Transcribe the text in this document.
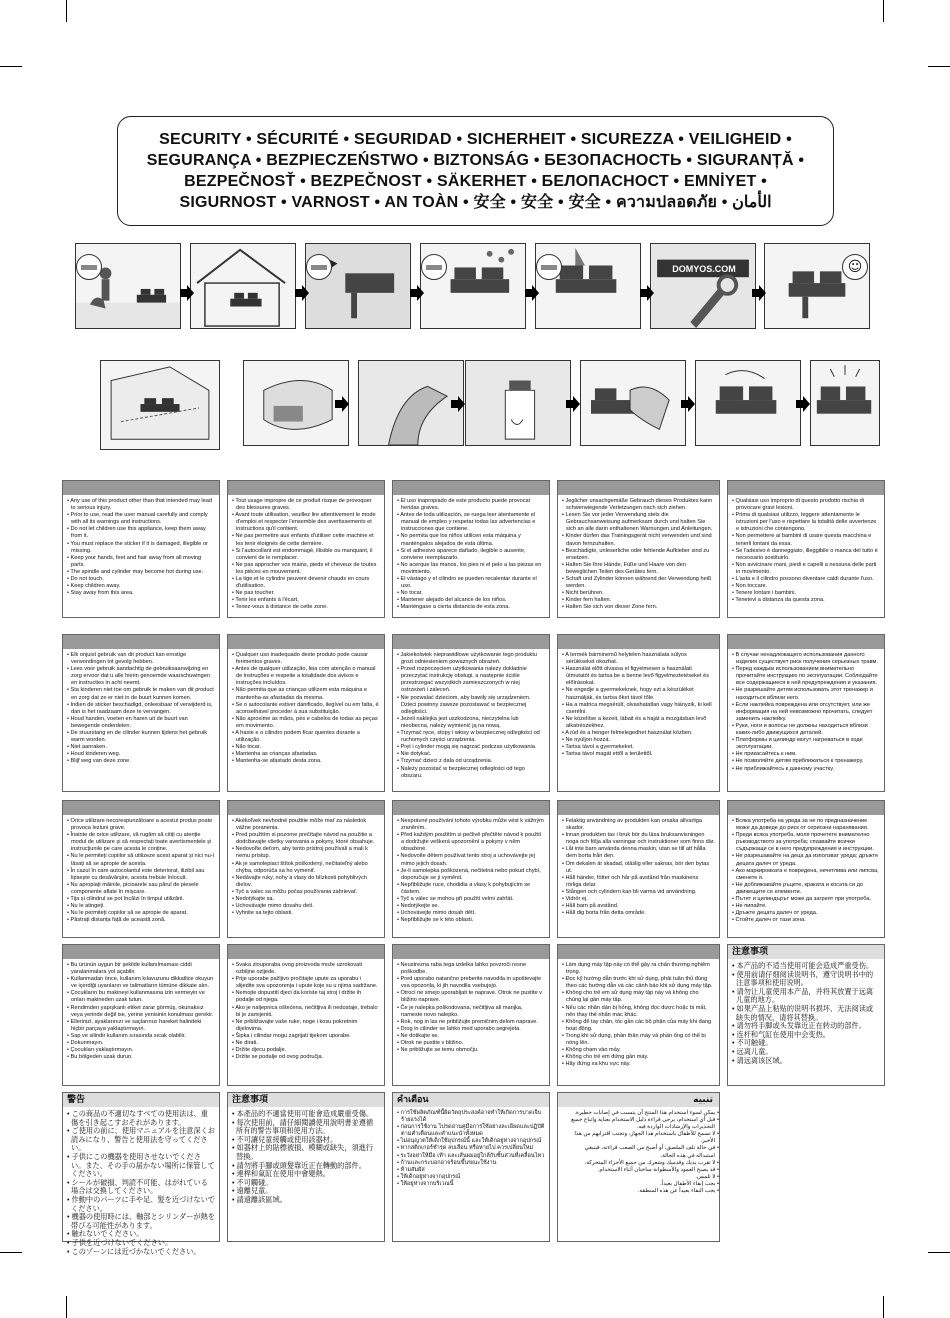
SECURITY • SÉCURITÉ • SEGURIDAD • SICHERHEIT • SICUREZZA • VEILIGHEID •
SEGURANÇA • BEZPIECZEŃSTWO • BIZTONSÁG • БЕЗОПАСНОСТЬ • SIGURANȚĂ •
BEZPEČNOSŤ • BEZPEČNOST • SÄKERHET • БЕЛОПАСНОСТ • EMNİYET •
SIGURNOST • VARNOST • AN TOÀN • 安全 • 安全 • 安全 • ความปลอดภัย • الأمان
DOMYOS.COM	☺
• Any use of this product other than that intended may lead to serious injury.
• Prior to use, read the user manual carefully and comply with all its warnings and instructions.
• Do not let children use this appliance, keep them away from it.
• You must replace the sticker if it is damaged, illegible or missing.
• Keep your hands, feet and hair away from all moving parts.
• The spindle and cylinder may become hot during use.
• Do not touch.
• Keep children away.
• Stay away from this area.
• Tout usage impropre de ce produit risque de provoquer des blessures graves.
• Avant toute utilisation, veuillez lire attentivement le mode d'emploi et respecter l'ensemble des avertissements et instructions qu'il contient.
• Ne pas permettre aux enfants d'utiliser cette machine et les tenir éloignés de cette dernière.
• Si l'autocollant est endommagé, illisible ou manquant, il convient de le remplacer.
• Ne pas approcher vos mains, pieds et cheveux de toutes les pièces en mouvement.
• La tige et le cylindre peuvent devenir chauds en cours d'utilisation.
• Ne pas toucher.
• Tenir les enfants à l'écart.
• Tenez-vous à distance de cette zone.
• El uso inapropiado de este producto puede provocar heridas graves.
• Antes de toda utilización, se ruega leer atentamente el manual de empleo y respetar todas las advertencias e instrucciones que contiene.
• No permita que los niños utilicen esta máquina y manténgalos alejados de esta última.
• Si el adhesivo aparece dañado, ilegible o ausente, conviene reemplazarlo.
• No acerque las manos, los pies ni el pelo a las piezas en movimiento.
• El vástago y el cilindro se pueden recalentar durante el uso.
• No tocar.
• Mantener alejado del alcance de los niños.
• Manténgase a cierta distancia de esta zona.
• Jeglicher unsachgemäße Gebrauch dieses Produktes kann schwerwiegende Verletzungen nach sich ziehen.
• Lesen Sie vor jeder Verwendung stets die Gebrauchsanweisung aufmerksam durch und halten Sie sich an alle darin enthaltenen Warnungen und Anleitungen.
• Kinder dürfen das Trainingsgerät nicht verwenden und sind davon fernzuhalten.
• Beschädigte, unleserliche oder fehlende Aufkleber sind zu ersetzen.
• Halten Sie Ihre Hände, Füße und Haare von den beweglichen Teilen des Gerätes fern.
• Schaft und Zylinder können während der Verwendung heiß werden.
• Nicht berühren.
• Kinder fern halten.
• Halten Sie sich von dieser Zone fern.
• Qualsiasi uso improprio di questo prodotto rischia di provocare gravi lesioni.
• Prima di qualsiasi utilizzo, leggere attentamente le istruzioni per l'uso e rispettare la totalità delle avvertenze e istruzioni che contengono.
• Non permettere ai bambini di usare questa macchina e tenerli lontani da essa.
• Se l'adesivo è danneggiato, illeggibile o manca del tutto è necessario sostituirlo.
• Non avvicinare mani, piedi e capelli a nessuna delle parti in movimento.
• L'asta e il cilindro possono diventare caldi durante l'uso.
• Non toccare.
• Tenere lontani i bambini.
• Tenetevi a distanza da questa zona.
• Elk onjuist gebruik van dit product kan ernstige verwondingen tot gevolg hebben.
• Lees voor gebruik aandachtig de gebruiksaanwijzing en zorg ervoor dat u alle hierin genoemde waarschuwingen en instructies in acht neemt.
• Sta kinderen niet toe om gebruik te maken van dit product en zorg dat ze er niet in de buurt kunnen komen.
• Indien de sticker beschadigd, onleesbaar of verwijderd is, dan is het raadzaam deze te vervangen.
• Houd handen, voeten en haren uit de buurt van bewegende onderdelen.
• De stuurstang en de cilinder kunnen tijdens het gebruik warm worden.
• Niet aanraken.
• Houd kinderen weg.
• Blijf weg van deze zone.
• Qualquer uso inadequado deste produto pode causar ferimentos graves.
• Antes de qualquer utilização, leia com atenção o manual de instruções e respeite a totalidade dos avisos e instruções incluídos.
• Não permita que as crianças utilizem esta máquina e mantenha-as afastadas da mesma.
• Se o autocolante estiver danificado, ilegível ou em falta, é aconselhável proceder à sua substituição.
• Não aproxime as mãos, pés e cabelos de todas as peças em movimento.
• A haste e o cilindro podem ficar quentes durante a utilização.
• Não tocar.
• Mantenha as crianças afastadas.
• Mantenha-se afastado desta zona.
• Jakiekolwiek nieprawidłowe użytkowanie tego produktu grozi odniesieniem poważnych obrażeń.
• Przed rozpoczęciem użytkowania należy dokładnie przeczytać instrukcję obsługi, a następnie ściśle przestrzegać wszystkich zamieszczonych w niej ostrzeżeń i zaleceń.
• Nie pozwalać dzieciom, aby bawiły się urządzeniem. Dzieci powinny zawsze pozostawać w bezpiecznej odległości.
• Jeżeli naklejka jest uszkodzona, nieczytelna lub nieobecna, należy wymienić ją na nową.
• Trzymać ręce, stopy i włosy w bezpiecznej odległości od ruchomych części urządzenia.
• Pręt i cylinder mogą się nagrzać podczas użytkowania.
• Nie dotykać.
• Trzymać dzieci z dala od urządzenia.
• Należy pozostać w bezpiecznej odległości od tego obszaru.
• A termék bárminemű helytelen használata súlyos sérüléseket okozhat.
• Használat előtt olvassa el figyelmesen a használati útmutatót és tartsa be a benne levő figyelmeztetéseket és előírásokat.
• Ne engedje a gyermekeknek, hogy ezt a készüléket használják, és tartsa őket távol tőle.
• Ha a matrica megsérült, olvashatatlan vagy hiányzik, ki kell cserélni.
• Ne közelítse a kezeit, lábait és a haját a mozgásban levő alkatrészekhez.
• A rúd és a henger felmelegedhet használat közben.
• Ne nyúljon hozzá.
• Tartsa távol a gyermekeket.
• Tartsa távol magát ettől a területtől.
• В случае ненадлежащего использования данного изделия существует риск получения серьезных травм.
• Перед каждым использованием внимательно прочитайте инструкцию по эксплуатации. Соблюдайте все содержащиеся в ней предупреждения и указания.
• Не разрешайте детям использовать этот тренажер и находиться вблизи него.
• Если наклейка повреждена или отсутствует, или же информация на ней невозможно прочитать, следует заменить наклейку.
• Руки, ноги и волосы не должны находиться вблизи каких-либо движущихся деталей.
• Платформы и цилиндр могут нагреваться в ходе эксплуатации.
• Не прикасайтесь к ним.
• Не позволяйте детям приближаться к тренажеру.
• Не приближайтесь к данному участку.
• Orice utilizare necorespunzătoare a acestui produs poate provoca leziuni grave.
• Înainte de orice utilizare, vă rugăm să citiți cu atenție modul de utilizare și să respectați toate avertismentele și instrucțiunile pe care acesta le conține.
• Nu le permiteți copiilor să utilizeze acest aparat și nici nu-i lăsați să se apropie de acesta.
• În cazul în care autocolantul este deteriorat, ilizibil sau lipsește cu desăvârșire, acesta trebuie înlocuit.
• Nu apropiați mâinile, picioarele sau părul de piesele componente aflate în mișcare.
• Tija și cilindrul se pot încălzi în timpul utilizării.
• Nu le atingeți.
• Nu le permiteți copiilor să se apropie de aparat.
• Păstrați distanța față de această zonă.
• Akékoľvek nevhodné použitie môže mať za následok vážne poranenia.
• Pred použitím si pozorne prečítajte návod na použitie a dodržiavajte všetky varovania a pokyny, ktoré obsahuje.
• Nedovoľte deťom, aby tento prístroj používali a mali k nemu prístup.
• Ak je samolepiaci štítok poškodený, nečitateľný alebo chýba, odporúča sa ho vymeniť.
• Nedávajte ruky, nohy a vlasy do blízkosti pohyblivých dielov.
• Tyč a valec sa môžu počas používania zahrievať.
• Nedotýkajte sa.
• Uchovávajte mimo dosahu detí.
• Vyhnite sa tejto oblasti.
• Nesprávné používání tohoto výrobku může vést k vážným zraněním.
• Před každým použitím si pečlivě přečtěte návod k použití a dodržujte veškerá upozornění a pokyny v něm obsažené.
• Nedovolte dětem používat tento stroj a uchovávejte jej mimo jejich dosah.
• Je-li samolepka poškozená, nečitelná nebo pokud chybí, doporučuje se ji vyměnit.
• Nepřibližujte ruce, chodidla a vlasy k pohybujícím se částem.
• Tyč a válec se mohou při použití velmi zahřát.
• Nedotýkejte se.
• Uchovávejte mimo dosah dětí.
• Nepřibližujte se k této oblasti.
• Felaktig användning av produkten kan orsaka allvarliga skador.
• Innan produkten tas i bruk bör du läsa bruksanvisningen noga och följa alla varningar och instruktioner som finns där.
• Låt inte barn använda denna maskin, utan se till att hålla dem borta från den.
• Om dekalen är skadad, oläslig eller saknas, bör den bytas ut.
• Håll händer, fötter och hår på avstånd från maskinens rörliga delar.
• Stången och cylindern kan bli varma vid användning.
• Vidrör ej.
• Håll barn på avstånd.
• Håll dig borta från detta område.
• Всяка употреба на уреда за не по предназначение може да доведе до риск от сериозни наранявания.
• Преди всяка употреба, моля прочетете внимателно ръководството за употреба; спазвайте всички съдържащи се в него предупреждения и инструкции.
• Не разрешавайте на деца да използват уреда; дръжте децата далеч от уреда.
• Ако маркировката е повредена, нечетлива или липсва, сменете я.
• Не доближавайте ръцете, краката и косата си до движещите се елементи.
• Пътят и цилиндърът може да загреят при употреба.
• Не пипайте.
• Дръжте децата далеч от уреда.
• Стойте далеч от тази зона.
• Bu ürünün uygun bir şekilde kullanılmaması ciddi yaralanmalara yol açabilir.
• Kullanmadan önce, kullanım kılavuzunu dikkatlice okuyun ve içerdiği uyarıların ve talimatların tümüne dikkate alın.
• Çocukların bu makineyi kullanmasına izin vermeyin ve onları makineden uzak tutun.
• Rendimden yapışkanlı etiket zarar görmüş, okunaksız veya yerinde değil ise, yerine yenisinin konulması gerekir.
• Ellerinizi, ayaklarınızı ve saçlarınızı hareket halindeki hiçbir parçaya yaklaştırmayın.
• Sap ve silindir kullanım sırasında sıcak olabilir.
• Dokunmayın.
• Çocukları yaklaştırmayın.
• Bu bölgeden uzak durun.
• Svaka zlouporaba ovog proizvoda može uzrokovati ozbiljne ozljede.
• Prije uporabe pažljivo pročitajte upute za uporabu i slijedite sva upozorenja i upute koje su u njima sadržane.
• Nemojte dopustiti djeci da koriste taj stroj i držite ih podalje od njega.
• Ako je naljepnica oštećena, nečitljiva ili nedostaje, trebalo bi je zamijeniti.
• Ne približavajte vaše ruke, noge i kosu pokretnim dijelovima.
• Šipka i cilindar mogu zagrijati tijekom uporabe.
• Ne dirati.
• Držite djecu podalje.
• Držite se podalje od ovog područja.
• Neustrezna raba tega izdelka lahko povzroči resne poškodbe.
• Pred uporabo natančno preberite navodila in upoštevajte vsa opozorila, ki jih navodila vsebujejo.
• Otroci ne smejo uporabljati te naprave. Otrok ne pustite v bližino naprave.
• Če je nalepka poškodovana, nečitljiva ali manjka, nameste novo nalepko.
• Rok, nog in las ne približujte premičnim delom naprave.
• Drog in cilinder se lahko med uporabo segrejeta.
• Ne dotikajte se.
• Otrok ne pustite v bližino.
• Ne približujte se temu območju.
• Làm dụng máy tập này có thể gây ra chấn thương nghiêm trọng.
• Đọc kỹ hướng dẫn trước khi sử dụng, phải tuân thủ đúng theo các hướng dẫn và các cảnh báo khi sử dụng máy tập.
• Không cho trẻ em sử dụng máy tập này và không cho chúng lại gần máy tập.
• Nếu các nhãn dán bị hỏng, không đọc được hoặc bị mất, nên thay thế nhãn mác khác.
• Không để tay chân, tóc gần các bộ phận của máy khi đang hoạt động.
• Trong khi sử dụng, phần thân máy và phần ống có thể bị nóng lên.
• Không chạm vào máy.
• Không cho trẻ em đứng gần máy.
• Hãy đứng xa khu vực này.
注意事项
• 本产品的不适当使用可能会造成严重受伤。
• 使用前请仔细阅读说明书，遵守说明书中的注意事项和使用说明。
• 请勿让儿童使用本产品，并将其放置于远离儿童的地方。
• 如果产品上粘贴的说明书损坏、无法阅读或缺失的情况，请将其替换。
• 请勿将手脚或头发靠近正在转动的部件。
• 连杆和气缸在使用中会变热。
• 不可触碰。
• 远离儿童。
• 请远离该区域。
警告
• この商品の不適切なすべての使用法は、重傷を引き起こすおそれがあります。
• ご使用の前に、使用マニュアルを注意深くお読みになり、警告と使用法を守ってください。
• 子供にこの機器を使用させないでください。また、その手の届かない場所に保管してください。
• シールが破損、判読不可能、はがれている場合は交換してください。
• 作動中のパーツに手や足、髪を近づけないでください。
• 機器の使用時には、軸部とシリンダーが熱を帯びる可能性があります。
• 触れないでください。
• 子供を近づけないでください。
• このゾーンには近づかないでください。
注意事項
• 本產品的不適當使用可能會造成嚴重受傷。
• 每次使用前，請仔細閱讀使用說明書並遵循所有的警告事項和使用方法。
• 不可讓兒童接觸或使用該器材。
• 如器材上的貼標被損、模糊或缺失，須進行替換。
• 請勿將手腳或頭髮靠近正在轉動的部件。
• 連桿和氣缸在使用中會變熱。
• 不可觸碰。
• 遠離兒童。
• 請遠離該區域。
คำเตือน
• การใช้ผลิตภัณฑ์นี้ผิดวัตถุประสงค์อาจทำให้เกิดการบาดเจ็บร้ายแรงได้
• ก่อนการใช้งาน โปรดอ่านคู่มือการใช้อย่างละเอียดและปฏิบัติตามคำเตือนและคำแนะนำทั้งหมด
• ไม่อนุญาตให้เด็กใช้อุปกรณ์นี้ และให้เด็กอยู่ห่างจากอุปกรณ์
• หากสติกเกอร์ชำรุด ลบเลือน หรือหายไป ควรเปลี่ยนใหม่
• ระวังอย่าให้มือ เท้า และเส้นผมอยู่ใกล้กับชิ้นส่วนที่เคลื่อนไหว
• ก้านและกระบอกอาจร้อนขึ้นขณะใช้งาน
• ห้ามสัมผัส
• ให้เด็กอยู่ห่างจากอุปกรณ์
• ให้อยู่ห่างจากบริเวณนี้
تنبيه
• يمكن لسوء استخدام هذا المنتج أن يتسبب في إصابات خطيرة.
• قبل أي استخدام، يرجى قراءة دليل الاستخدام بعناية واتباع جميع التحذيرات والإرشادات الواردة فيه.
• لا تسمح للأطفال باستخدام هذا الجهاز، وتجنب اقترابهم من هذا الأخير.
• في حالة تلف الملصق، أو أصبح من الصعب قراءته، فينبغي استبداله في هذه الحالة.
• لا تقرب يديك وقدميك وشعرك من جميع الأجزاء المتحركة.
• قد يصبح العمود والأسطوانة ساخنان أثناء الاستخدام.
• لا تلمس.
• يجب إبقاء الأطفال بعيداً.
• يجب البقاء بعيداً عن هذه المنطقة.
